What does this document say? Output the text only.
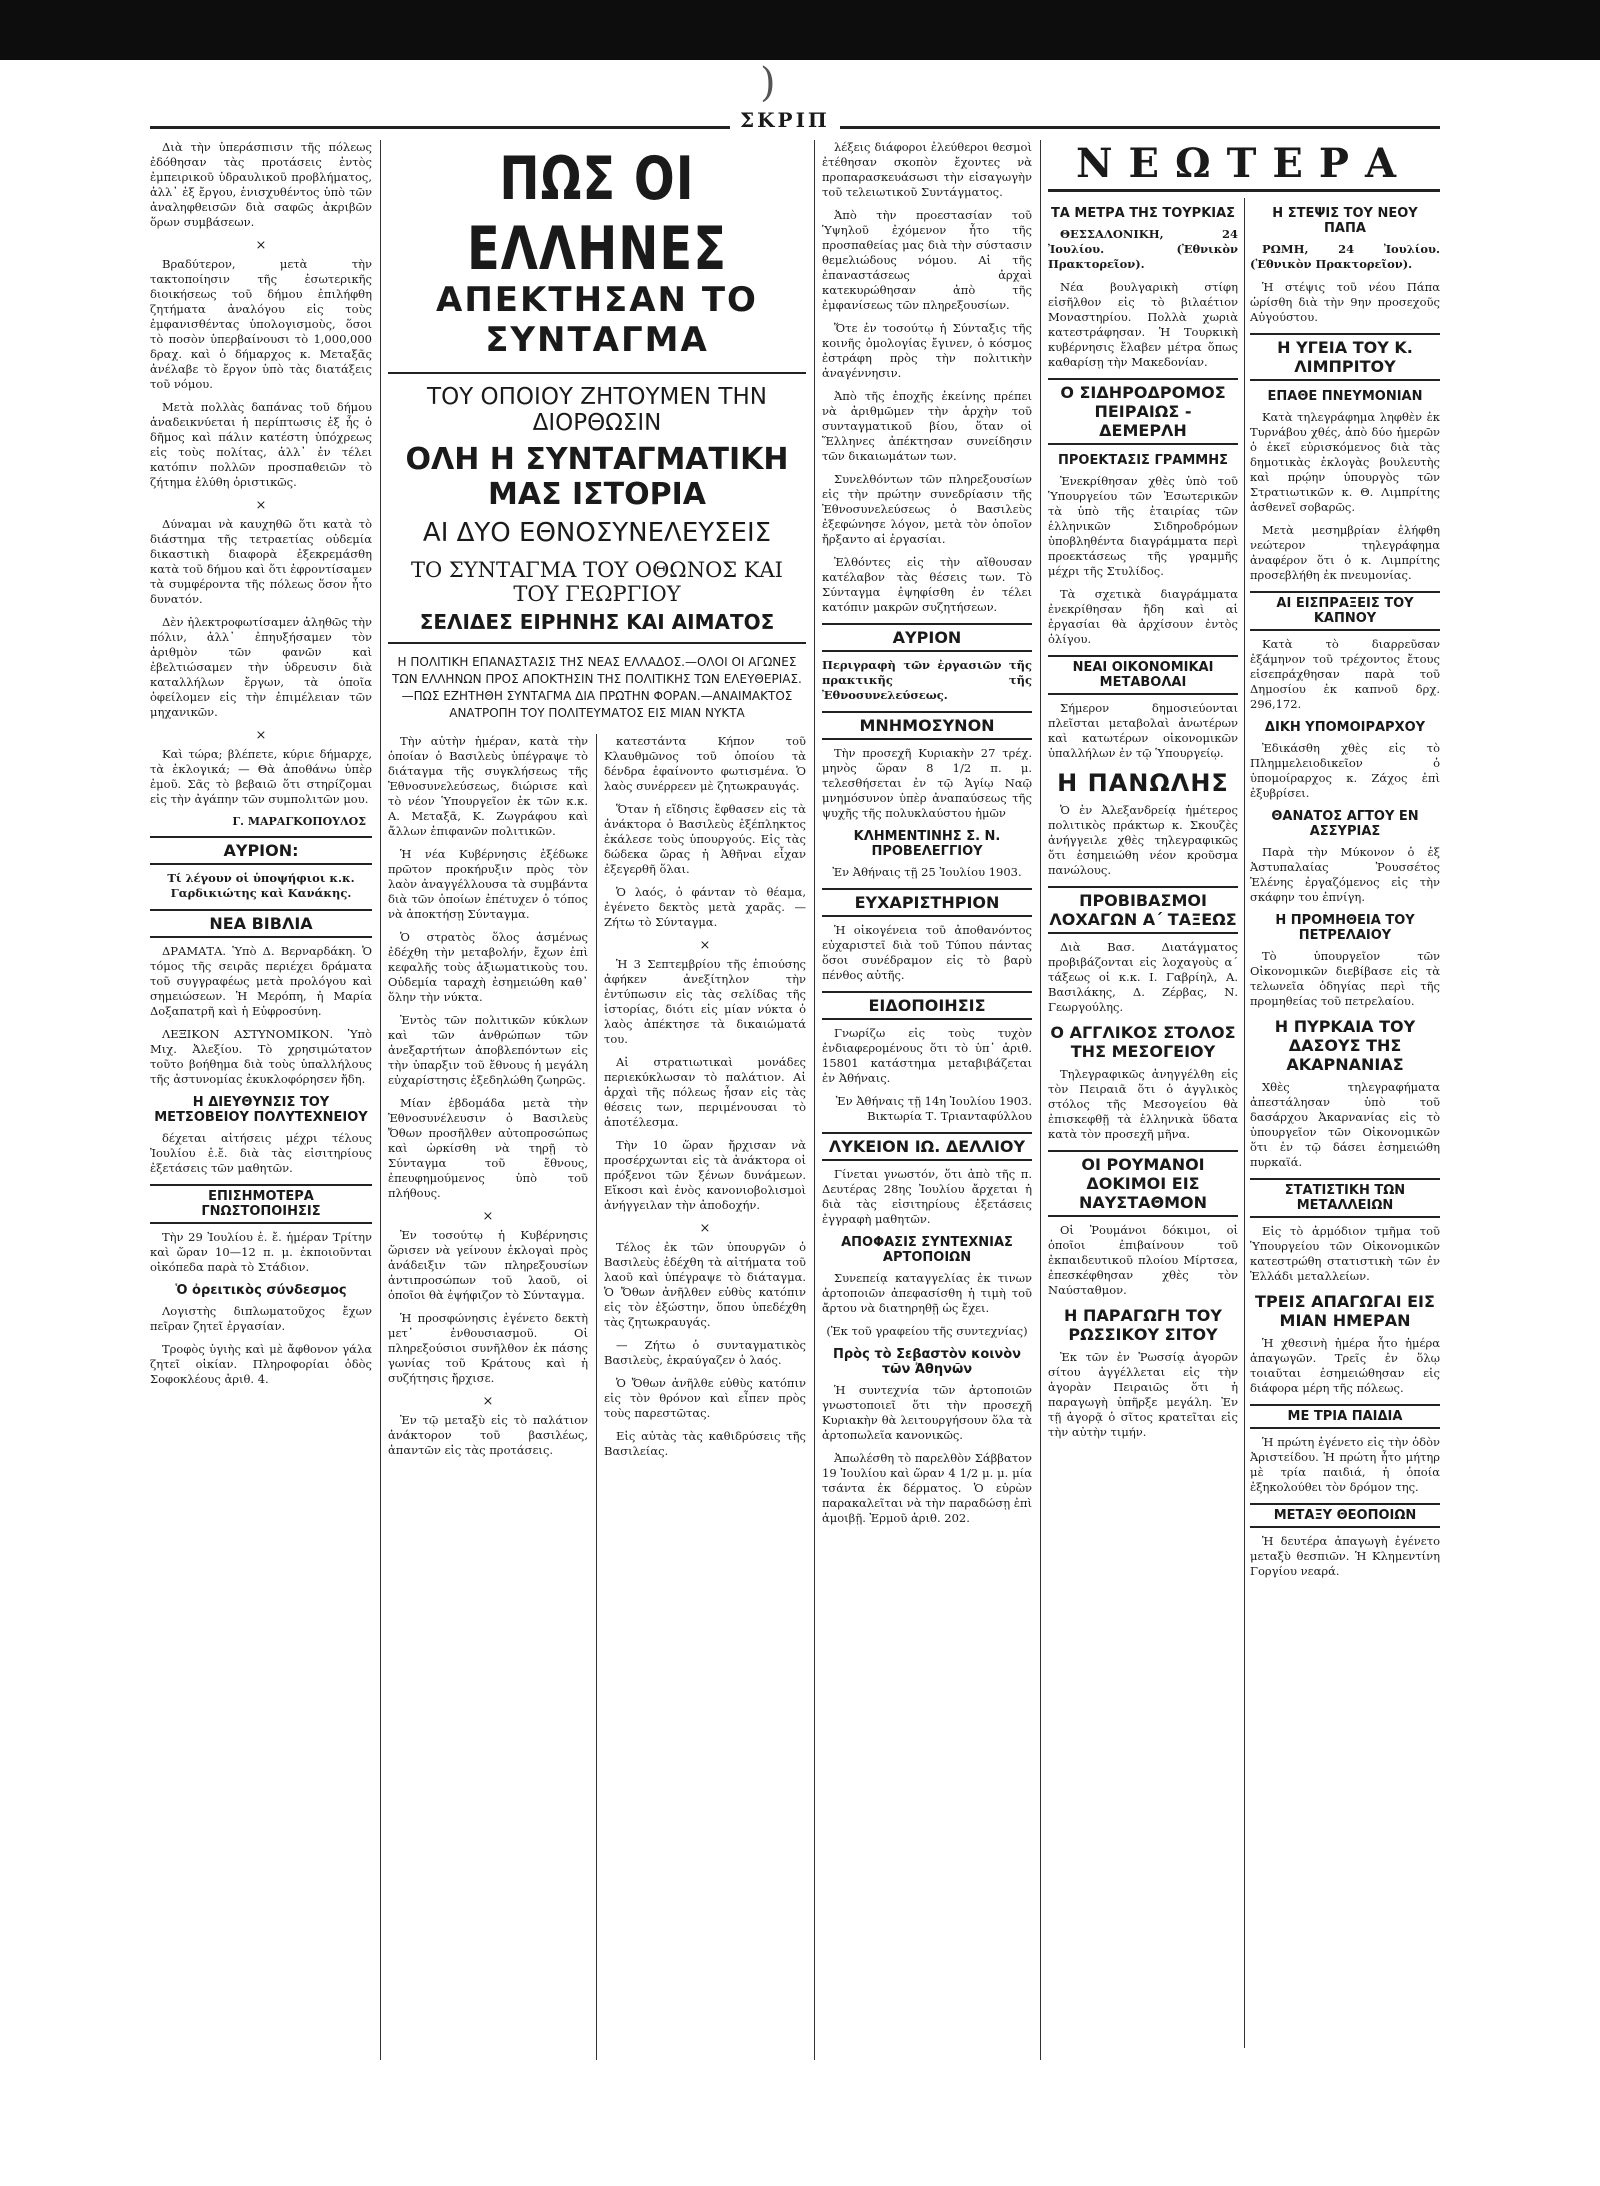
)
ΣΚΡΙΠ

Διὰ τὴν ὑπεράσπισιν τῆς πόλεως ἐδόθησαν τὰς προτάσεις ἐντὸς ἐμπειρικοῦ ὑδραυλικοῦ προβλήματος, ἀλλ᾽ ἐξ ἔργου, ἐνισχυθέντος ὑπὸ τῶν ἀναληφθεισῶν διὰ σαφῶς ἀκριβῶν ὅρων συμβάσεων.

×

Βραδύτερον, μετὰ τὴν τακτοποίησιν τῆς ἐσωτερικῆς διοικήσεως τοῦ δήμου ἐπιλήφθη ζητήματα ἀναλόγου εἰς τοὺς ἐμφανισθέντας ὑπολογισμοὺς, ὅσοι τὸ ποσὸν ὑπερβαίνουσι τὸ 1,000,000 δραχ. καὶ ὁ δήμαρχος κ. Μεταξᾶς ἀνέλαβε τὸ ἔργον ὑπὸ τὰς διατάξεις τοῦ νόμου.

Μετὰ πολλὰς δαπάνας τοῦ δήμου ἀναδεικνύεται ἡ περίπτωσις ἐξ ἧς ὁ δῆμος καὶ πάλιν κατέστη ὑπόχρεως εἰς τοὺς πολίτας, ἀλλ᾽ ἐν τέλει κατόπιν πολλῶν προσπαθειῶν τὸ ζήτημα ἐλύθη ὁριστικῶς.

×

Δύναμαι νὰ καυχηθῶ ὅτι κατὰ τὸ διάστημα τῆς τετραετίας οὐδεμία δικαστικὴ διαφορὰ ἐξεκρεμάσθη κατὰ τοῦ δήμου καὶ ὅτι ἐφροντίσαμεν τὰ συμφέροντα τῆς πόλεως ὅσον ἦτο δυνατόν.

Δὲν ἠλεκτροφωτίσαμεν ἀληθῶς τὴν πόλιν, ἀλλ᾽ ἐπηυξήσαμεν τὸν ἀριθμὸν τῶν φανῶν καὶ ἐβελτιώσαμεν τὴν ὑδρευσιν διὰ καταλλήλων ἔργων, τὰ ὁποῖα ὀφείλομεν εἰς τὴν ἐπιμέλειαν τῶν μηχανικῶν.

×

Καὶ τώρα; βλέπετε, κύριε δήμαρχε, τὰ ἐκλογικά; — Θὰ ἀποθάνω ὑπὲρ ἐμοῦ. Σᾶς τὸ βεβαιῶ ὅτι στηρίζομαι εἰς τὴν ἀγάπην τῶν συμπολιτῶν μου.

Γ. ΜΑΡΑΓΚΟΠΟΥΛΟΣ
ΑΥΡΙΟΝ:

Τί λέγουν οἱ ὑποψήφιοι κ.κ. Γαρδικιώτης καὶ Κανάκης.

ΝΕΑ ΒΙΒΛΙΑ

ΔΡΑΜΑΤΑ. Ὑπὸ Δ. Βερναρδάκη. Ὁ τόμος τῆς σειρᾶς περιέχει δράματα τοῦ συγγραφέως μετὰ προλόγου καὶ σημειώσεων. Ἡ Μερόπη, ἡ Μαρία Δοξαπατρῆ καὶ ἡ Εὐφροσύνη.

ΛΕΞΙΚΟΝ ΑΣΤΥΝΟΜΙΚΟΝ. Ὑπὸ Μιχ. Ἀλεξίου. Τὸ χρησιμώτατον τοῦτο βοήθημα διὰ τοὺς ὑπαλλήλους τῆς ἀστυνομίας ἐκυκλοφόρησεν ἤδη.

Η ΔΙΕΥΘΥΝΣΙΣ ΤΟΥ ΜΕΤΣΟΒΕΙΟΥ ΠΟΛΥΤΕΧΝΕΙΟΥ

δέχεται αἰτήσεις μέχρι τέλους Ἰουλίου ἐ.ἔ. διὰ τὰς εἰσιτηρίους ἐξετάσεις τῶν μαθητῶν.

ΕΠΙΣΗΜΟΤΕΡΑ ΓΝΩΣΤΟΠΟΙΗΣΙΣ

Τὴν 29 Ἰουλίου ἐ. ἔ. ἡμέραν Τρίτην καὶ ὥραν 10—12 π. μ. ἐκποιοῦνται οἰκόπεδα παρὰ τὸ Στάδιον.

Ὁ ὀρειτικὸς σύνδεσμος

Λογιστὴς διπλωματοῦχος ἔχων πεῖραν ζητεῖ ἐργασίαν.

Τροφὸς ὑγιὴς καὶ μὲ ἄφθονον γάλα ζητεῖ οἰκίαν. Πληροφορίαι ὁδὸς Σοφοκλέους ἀριθ. 4.

ΠΩΣ ΟΙ ΕΛΛΗΝΕΣ
ΑΠΕΚΤΗΣΑΝ ΤΟ ΣΥΝΤΑΓΜΑ
ΤΟΥ ΟΠΟΙΟΥ ΖΗΤΟΥΜΕΝ ΤΗΝ ΔΙΟΡΘΩΣΙΝ
ΟΛΗ Η ΣΥΝΤΑΓΜΑΤΙΚΗ ΜΑΣ ΙΣΤΟΡΙΑ
ΑΙ ΔΥΟ ΕΘΝΟΣΥΝΕΛΕΥΣΕΙΣ
ΤΟ ΣΥΝΤΑΓΜΑ ΤΟΥ ΟΘΩΝΟΣ ΚΑΙ ΤΟΥ ΓΕΩΡΓΙΟΥ
ΣΕΛΙΔΕΣ ΕΙΡΗΝΗΣ ΚΑΙ ΑΙΜΑΤΟΣ
Η ΠΟΛΙΤΙΚΗ ΕΠΑΝΑΣΤΑΣΙΣ ΤΗΣ ΝΕΑΣ ΕΛΛΑΔΟΣ.—ΟΛΟΙ ΟΙ ΑΓΩΝΕΣ ΤΩΝ ΕΛΛΗΝΩΝ ΠΡΟΣ ΑΠΟΚΤΗΣΙΝ ΤΗΣ ΠΟΛΙΤΙΚΗΣ ΤΩΝ ΕΛΕΥΘΕΡΙΑΣ.—ΠΩΣ ΕΖΗΤΗΘΗ ΣΥΝΤΑΓΜΑ ΔΙΑ ΠΡΩΤΗΝ ΦΟΡΑΝ.—ΑΝΑΙΜΑΚΤΟΣ ΑΝΑΤΡΟΠΗ ΤΟΥ ΠΟΛΙΤΕΥΜΑΤΟΣ ΕΙΣ ΜΙΑΝ ΝΥΚΤΑ

Τὴν αὐτὴν ἡμέραν, κατὰ τὴν ὁποίαν ὁ Βασιλεὺς ὑπέγραψε τὸ διάταγμα τῆς συγκλήσεως τῆς Ἐθνοσυνελεύσεως, διώρισε καὶ τὸ νέον Ὑπουργεῖον ἐκ τῶν κ.κ. Α. Μεταξᾶ, Κ. Ζωγράφου καὶ ἄλλων ἐπιφανῶν πολιτικῶν.

Ἡ νέα Κυβέρνησις ἐξέδωκε πρῶτον προκήρυξιν πρὸς τὸν λαὸν ἀναγγέλλουσα τὰ συμβάντα διὰ τῶν ὁποίων ἐπέτυχεν ὁ τόπος νὰ ἀποκτήσῃ Σύνταγμα.

Ὁ στρατὸς ὅλος ἀσμένως ἐδέχθη τὴν μεταβολήν, ἔχων ἐπὶ κεφαλῆς τοὺς ἀξιωματικοὺς του. Οὐδεμία ταραχὴ ἐσημειώθη καθ᾽ ὅλην τὴν νύκτα.

Ἐντὸς τῶν πολιτικῶν κύκλων καὶ τῶν ἀνθρώπων τῶν ἀνεξαρτήτων ἀποβλεπόντων εἰς τὴν ὑπαρξιν τοῦ ἔθνους ἡ μεγάλη εὐχαρίστησις ἐξεδηλώθη ζωηρῶς.

Μίαν ἑβδομάδα μετὰ τὴν Ἐθνοσυνέλευσιν ὁ Βασιλεὺς Ὄθων προσῆλθεν αὐτοπροσώπως καὶ ὡρκίσθη νὰ τηρῇ τὸ Σύνταγμα τοῦ ἔθνους, ἐπευφημούμενος ὑπὸ τοῦ πλήθους.

×

Ἐν τοσούτῳ ἡ Κυβέρνησις ὥρισεν νὰ γείνουν ἐκλογαὶ πρὸς ἀνάδειξιν τῶν πληρεξουσίων ἀντιπροσώπων τοῦ λαοῦ, οἱ ὁποῖοι θὰ ἐψήφιζον τὸ Σύνταγμα.

Ἡ προσφώνησις ἐγένετο δεκτὴ μετ᾽ ἐνθουσιασμοῦ. Οἱ πληρεξούσιοι συνῆλθον ἐκ πάσης γωνίας τοῦ Κράτους καὶ ἡ συζήτησις ἤρχισε.

×

Ἐν τῷ μεταξὺ εἰς τὸ παλάτιον ἀνάκτορον τοῦ βασιλέως, ἀπαντῶν εἰς τὰς προτάσεις.

κατεστάντα Κήπον τοῦ Κλαυθμῶνος τοῦ ὁποίου τὰ δένδρα ἐφαίνοντο φωτισμένα. Ὁ λαὸς συνέρρεεν μὲ ζητωκραυγάς.

Ὅταν ἡ εἴδησις ἔφθασεν εἰς τὰ ἀνάκτορα ὁ Βασιλεὺς ἐξέπληκτος ἐκάλεσε τοὺς ὑπουργούς. Εἰς τὰς δώδεκα ὥρας ἡ Ἀθῆναι εἶχαν ἐξεγερθῆ ὅλαι.

Ὁ λαός, ὁ φάνταν τὸ θέαμα, ἐγένετο δεκτὸς μετὰ χαρᾶς. — Ζήτω τὸ Σύνταγμα.

×

Ἡ 3 Σεπτεμβρίου τῆς ἐπιούσης ἀφήκεν ἀνεξίτηλον τὴν ἐντύπωσιν εἰς τὰς σελίδας τῆς ἱστορίας, διότι εἰς μίαν νύκτα ὁ λαὸς ἀπέκτησε τὰ δικαιώματά του.

Αἱ στρατιωτικαὶ μονάδες περιεκύκλωσαν τὸ παλάτιον. Αἱ ἀρχαὶ τῆς πόλεως ἦσαν εἰς τὰς θέσεις των, περιμένουσαι τὸ ἀποτέλεσμα.

Τὴν 10 ὥραν ἤρχισαν νὰ προσέρχωνται εἰς τὰ ἀνάκτορα οἱ πρόξενοι τῶν ξένων δυνάμεων. Εἴκοσι καὶ ἑνὸς κανονιοβολισμοὶ ἀνήγγειλαν τὴν ἀποδοχήν.

×

Τέλος ἐκ τῶν ὑπουργῶν ὁ Βασιλεὺς ἐδέχθη τὰ αἰτήματα τοῦ λαοῦ καὶ ὑπέγραψε τὸ διάταγμα. Ὁ Ὄθων ἀνῆλθεν εὐθὺς κατόπιν εἰς τὸν ἐξώστην, ὅπου ὑπεδέχθη τὰς ζητωκραυγάς.

— Ζήτω ὁ συνταγματικὸς Βασιλεὺς, ἐκραύγαζεν ὁ λαός.

Ὁ Ὄθων ἀνῆλθε εὐθὺς κατόπιν εἰς τὸν θρόνον καὶ εἶπεν πρὸς τοὺς παρεστῶτας.

Εἰς αὐτὰς τὰς καθιδρύσεις τῆς Βασιλείας.

λέξεις διάφοροι ἐλεύθεροι θεσμοὶ ἐτέθησαν σκοπὸν ἔχοντες νὰ προπαρασκευάσωσι τὴν εἰσαγωγὴν τοῦ τελειωτικοῦ Συντάγματος.

Ἀπὸ τὴν προεστασίαν τοῦ Ὑψηλοῦ ἐχόμενον ἦτο τῆς προσπαθείας μας διὰ τὴν σύστασιν θεμελιώδους νόμου. Αἱ τῆς ἐπαναστάσεως ἀρχαὶ κατεκυρώθησαν ἀπὸ τῆς ἐμφανίσεως τῶν πληρεξουσίων.

Ὅτε ἐν τοσούτῳ ἡ Σύνταξις τῆς κοινῆς ὁμολογίας ἔγινεν, ὁ κόσμος ἐστράφη πρὸς τὴν πολιτικὴν ἀναγέννησιν.

Ἀπὸ τῆς ἐποχῆς ἐκείνης πρέπει νὰ ἀριθμῶμεν τὴν ἀρχὴν τοῦ συνταγματικοῦ βίου, ὅταν οἱ Ἕλληνες ἀπέκτησαν συνείδησιν τῶν δικαιωμάτων των.

Συνελθόντων τῶν πληρεξουσίων εἰς τὴν πρώτην συνεδρίασιν τῆς Ἐθνοσυνελεύσεως ὁ Βασιλεὺς ἐξεφώνησε λόγον, μετὰ τὸν ὁποῖον ἤρξαντο αἱ ἐργασίαι.

Ἐλθόντες εἰς τὴν αἴθουσαν κατέλαβον τὰς θέσεις των. Τὸ Σύνταγμα ἐψηφίσθη ἐν τέλει κατόπιν μακρῶν συζητήσεων.

ΑΥΡΙΟΝ

Περιγραφὴ τῶν ἐργασιῶν τῆς πρακτικῆς τῆς Ἐθνοσυνελεύσεως.

ΜΝΗΜΟΣΥΝΟΝ

Τὴν προσεχῆ Κυριακὴν 27 τρέχ. μηνὸς ὥραν 8 1/2 π. μ. τελεσθήσεται ἐν τῷ Ἁγίῳ Ναῷ μνημόσυνον ὑπὲρ ἀναπαύσεως τῆς ψυχῆς τῆς πολυκλαύστου ἡμῶν

ΚΛΗΜΕΝΤΙΝΗΣ Σ. Ν. ΠΡΟΒΕΛΕΓΓΙΟΥ

Ἐν Ἀθήναις τῇ 25 Ἰουλίου 1903.

ΕΥΧΑΡΙΣΤΗΡΙΟΝ

Ἡ οἰκογένεια τοῦ ἀποθανόντος εὐχαριστεῖ διὰ τοῦ Τύπου πάντας ὅσοι συνέδραμον εἰς τὸ βαρὺ πένθος αὐτῆς.

ΕΙΔΟΠΟΙΗΣΙΣ

Γνωρίζω εἰς τοὺς τυχὸν ἐνδιαφερομένους ὅτι τὸ ὑπ᾽ ἀριθ. 15801 κατάστημα μεταβιβάζεται ἐν Ἀθήναις.

Ἐν Ἀθήναις τῇ 14η Ἰουλίου 1903. Βικτωρία Τ. Τριανταφύλλου

ΛΥΚΕΙΟΝ ΙΩ. ΔΕΛΛΙΟΥ

Γίνεται γνωστόν, ὅτι ἀπὸ τῆς π. Δευτέρας 28ης Ἰουλίου ἄρχεται ἡ διὰ τὰς εἰσιτηρίους ἐξετάσεις ἐγγραφὴ μαθητῶν.

ΑΠΟΦΑΣΙΣ ΣΥΝΤΕΧΝΙΑΣ ΑΡΤΟΠΟΙΩΝ

Συνεπείᾳ καταγγελίας ἐκ τινων ἀρτοποιῶν ἀπεφασίσθη ἡ τιμὴ τοῦ ἄρτου νὰ διατηρηθῇ ὡς ἔχει.

(Ἐκ τοῦ γραφείου τῆς συντεχνίας)

Πρὸς τὸ Σεβαστὸν κοινὸν τῶν Ἀθηνῶν

Ἡ συντεχνία τῶν ἀρτοποιῶν γνωστοποιεῖ ὅτι τὴν προσεχῆ Κυριακὴν θὰ λειτουργήσουν ὅλα τὰ ἀρτοπωλεῖα κανονικῶς.

Ἀπωλέσθη τὸ παρελθὸν Σάββατον 19 Ἰουλίου καὶ ὥραν 4 1/2 μ. μ. μία τσάντα ἐκ δέρματος. Ὁ εὑρὼν παρακαλεῖται νὰ τὴν παραδώσῃ ἐπὶ ἀμοιβῇ. Ἑρμοῦ ἀριθ. 202.

ΝΕΩΤΕΡΑ
ΤΑ ΜΕΤΡΑ ΤΗΣ ΤΟΥΡΚΙΑΣ

ΘΕΣΣΑΛΟΝΙΚΗ, 24 Ἰουλίου. (Ἐθνικὸν Πρακτορεῖον).

Νέα βουλγαρικὴ στίφη εἰσῆλθον εἰς τὸ βιλαέτιον Μοναστηρίου. Πολλὰ χωριὰ κατεστράφησαν. Ἡ Τουρκικὴ κυβέρνησις ἔλαβεν μέτρα ὅπως καθαρίσῃ τὴν Μακεδονίαν.

Ο ΣΙΔΗΡΟΔΡΟΜΟΣ ΠΕΙΡΑΙΩΣ - ΔΕΜΕΡΛΗ
ΠΡΟΕΚΤΑΣΙΣ ΓΡΑΜΜΗΣ

Ἐνεκρίθησαν χθὲς ὑπὸ τοῦ Ὑπουργείου τῶν Ἐσωτερικῶν τὰ ὑπὸ τῆς ἑταιρίας τῶν ἑλληνικῶν Σιδηροδρόμων ὑποβληθέντα διαγράμματα περὶ προεκτάσεως τῆς γραμμῆς μέχρι τῆς Στυλίδος.

Τὰ σχετικὰ διαγράμματα ἐνεκρίθησαν ἤδη καὶ αἱ ἐργασίαι θὰ ἀρχίσουν ἐντὸς ὀλίγου.

ΝΕΑΙ ΟΙΚΟΝΟΜΙΚΑΙ ΜΕΤΑΒΟΛΑΙ

Σήμερον δημοσιεύονται πλεῖσται μεταβολαὶ ἀνωτέρων καὶ κατωτέρων οἰκονομικῶν ὑπαλλήλων ἐν τῷ Ὑπουργείῳ.

Η ΠΑΝΩΛΗΣ

Ὁ ἐν Ἀλεξανδρείᾳ ἡμέτερος πολιτικὸς πράκτωρ κ. Σκουζὲς ἀνήγγειλε χθὲς τηλεγραφικῶς ὅτι ἐσημειώθη νέον κροῦσμα πανώλους.

ΠΡΟΒΙΒΑΣΜΟΙ ΛΟΧΑΓΩΝ Α΄ ΤΑΞΕΩΣ

Διὰ Βασ. Διατάγματος προβιβάζονται εἰς λοχαγοὺς α΄ τάξεως οἱ κ.κ. Ι. Γαβρίηλ, Α. Βασιλάκης, Δ. Ζέρβας, Ν. Γεωργούλης.

Ο ΑΓΓΛΙΚΟΣ ΣΤΟΛΟΣ ΤΗΣ ΜΕΣΟΓΕΙΟΥ

Τηλεγραφικῶς ἀνηγγέλθη εἰς τὸν Πειραιᾶ ὅτι ὁ ἀγγλικὸς στόλος τῆς Μεσογείου θὰ ἐπισκεφθῇ τὰ ἑλληνικὰ ὕδατα κατὰ τὸν προσεχῆ μῆνα.

ΟΙ ΡΟΥΜΑΝΟΙ ΔΟΚΙΜΟΙ ΕΙΣ ΝΑΥΣΤΑΘΜΟΝ

Οἱ Ῥουμάνοι δόκιμοι, οἱ ὁποῖοι ἐπιβαίνουν τοῦ ἐκπαιδευτικοῦ πλοίου Μίρτσεα, ἐπεσκέφθησαν χθὲς τὸν Ναύσταθμον.

Η ΠΑΡΑΓΩΓΗ ΤΟΥ ΡΩΣΣΙΚΟΥ ΣΙΤΟΥ

Ἐκ τῶν ἐν Ῥωσσίᾳ ἀγορῶν σίτου ἀγγέλλεται εἰς τὴν ἀγορὰν Πειραιῶς ὅτι ἡ παραγωγὴ ὑπῆρξε μεγάλη. Ἐν τῇ ἀγορᾷ ὁ σῖτος κρατεῖται εἰς τὴν αὐτὴν τιμήν.

Η ΣΤΕΨΙΣ ΤΟΥ ΝΕΟΥ ΠΑΠΑ

ΡΩΜΗ, 24 Ἰουλίου. (Ἐθνικὸν Πρακτορεῖον).

Ἡ στέψις τοῦ νέου Πάπα ὡρίσθη διὰ τὴν 9ην προσεχοῦς Αὐγούστου.

Η ΥΓΕΙΑ ΤΟΥ Κ. ΛΙΜΠΡΙΤΟΥ
ΕΠΑΘΕ ΠΝΕΥΜΟΝΙΑΝ

Κατὰ τηλεγράφημα ληφθὲν ἐκ Τυρνάβου χθές, ἀπὸ δύο ἡμερῶν ὁ ἐκεῖ εὑρισκόμενος διὰ τὰς δημοτικὰς ἐκλογὰς βουλευτὴς καὶ πρῴην ὑπουργὸς τῶν Στρατιωτικῶν κ. Θ. Λιμπρίτης ἀσθενεῖ σοβαρῶς.

Μετὰ μεσημβρίαν ἐλήφθη νεώτερον τηλεγράφημα ἀναφέρον ὅτι ὁ κ. Λιμπρίτης προσεβλήθη ἐκ πνευμονίας.

ΑΙ ΕΙΣΠΡΑΞΕΙΣ ΤΟΥ ΚΑΠΝΟΥ

Κατὰ τὸ διαρρεῦσαν ἑξάμηνον τοῦ τρέχοντος ἔτους εἰσεπράχθησαν παρὰ τοῦ Δημοσίου ἐκ καπνοῦ δρχ. 296,172.

ΔΙΚΗ ΥΠΟΜΟΙΡΑΡΧΟΥ

Ἐδικάσθη χθὲς εἰς τὸ Πλημμελειοδικεῖον ὁ ὑπομοίραρχος κ. Ζάχος ἐπὶ ἐξυβρίσει.

ΘΑΝΑΤΟΣ ΑΓΤΟΥ ΕΝ ΑΣΣΥΡΙΑΣ

Παρὰ τὴν Μύκονον ὁ ἐξ Ἀστυπαλαίας Ῥουσσέτος Ἐλένης ἐργαζόμενος εἰς τὴν σκάφην του ἐπνίγη.

Η ΠΡΟΜΗΘΕΙΑ ΤΟΥ ΠΕΤΡΕΛΑΙΟΥ

Τὸ ὑπουργεῖον τῶν Οἰκονομικῶν διεβίβασε εἰς τὰ τελωνεῖα ὁδηγίας περὶ τῆς προμηθείας τοῦ πετρελαίου.

Η ΠΥΡΚΑΙΑ ΤΟΥ ΔΑΣΟΥΣ ΤΗΣ ΑΚΑΡΝΑΝΙΑΣ

Χθὲς τηλεγραφήματα ἀπεστάλησαν ὑπὸ τοῦ δασάρχου Ἀκαρνανίας εἰς τὸ ὑπουργεῖον τῶν Οἰκονομικῶν ὅτι ἐν τῷ δάσει ἐσημειώθη πυρκαϊά.

ΣΤΑΤΙΣΤΙΚΗ ΤΩΝ ΜΕΤΑΛΛΕΙΩΝ

Εἰς τὸ ἀρμόδιον τμῆμα τοῦ Ὑπουργείου τῶν Οἰκονομικῶν κατεστρώθη στατιστικὴ τῶν ἐν Ἑλλάδι μεταλλείων.

ΤΡΕΙΣ ΑΠΑΓΩΓΑΙ ΕΙΣ ΜΙΑΝ ΗΜΕΡΑΝ

Ἡ χθεσινὴ ἡμέρα ἦτο ἡμέρα ἁπαγωγῶν. Τρεῖς ἐν ὅλῳ τοιαῦται ἐσημειώθησαν εἰς διάφορα μέρη τῆς πόλεως.

ΜΕ ΤΡΙΑ ΠΑΙΔΙΑ

Ἡ πρώτη ἐγένετο εἰς τὴν ὁδὸν Ἀριστείδου. Ἡ πρώτη ἦτο μήτηρ μὲ τρία παιδιά, ἡ ὁποία ἐξηκολούθει τὸν δρόμον της.

ΜΕΤΑΞΥ ΘΕΟΠΟΙΩΝ

Ἡ δευτέρα ἀπαγωγὴ ἐγένετο μεταξὺ θεσπιῶν. Ἡ Κλημεντίνη Γοργίου νεαρά.
